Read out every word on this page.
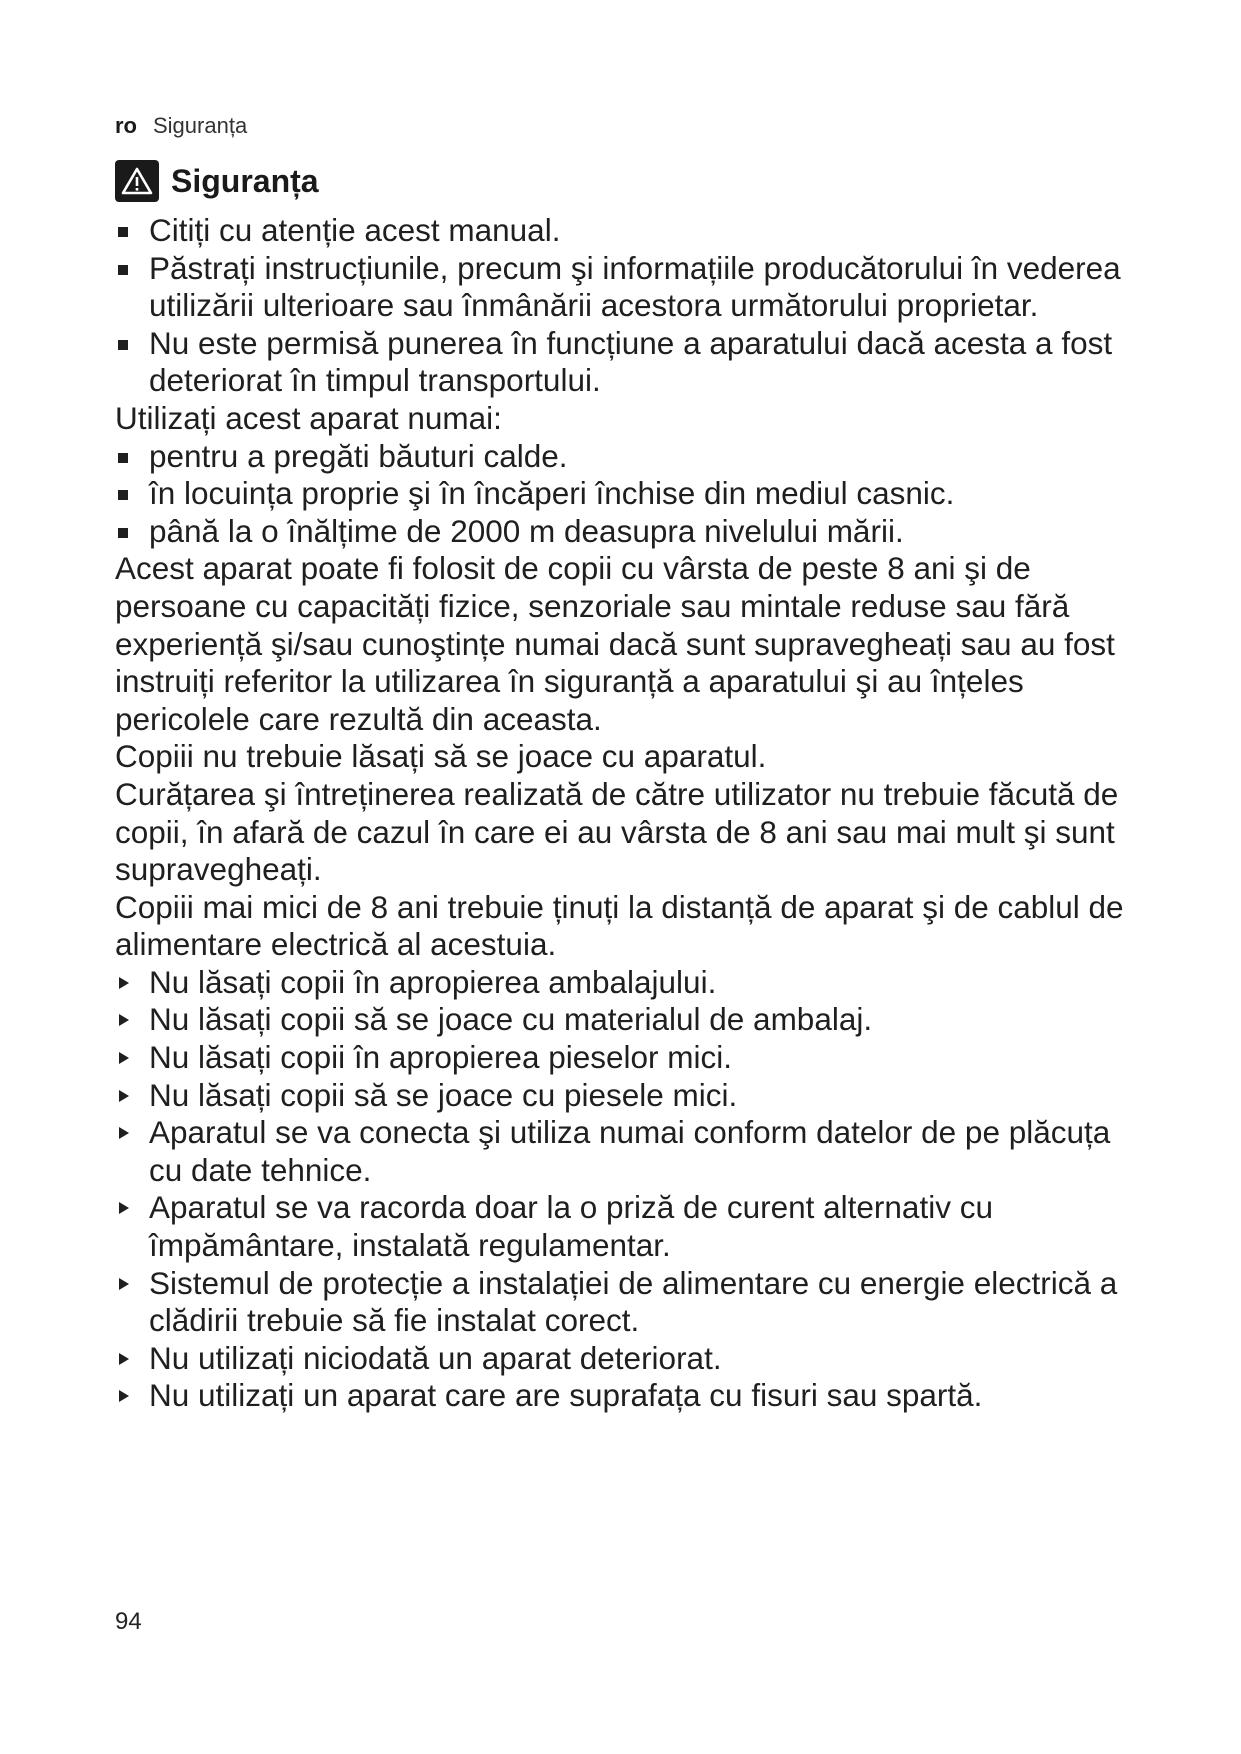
ro Siguranța
Siguranța
Citiți cu atenție acest manual.
Păstrați instrucțiunile, precum şi informațiile producătorului în vederea utilizării ulterioare sau înmânării acestora următorului proprietar.
Nu este permisă punerea în funcțiune a aparatului dacă acesta a fost deteriorat în timpul transportului.

Utilizați acest aparat numai:

pentru a pregăti băuturi calde.
în locuința proprie şi în încăperi închise din mediul casnic.
până la o înălțime de 2000 m deasupra nivelului mării.

Acest aparat poate fi folosit de copii cu vârsta de peste 8 ani şi de persoane cu capacități fizice, senzoriale sau mintale reduse sau fără experiență şi/sau cunoştințe numai dacă sunt supravegheați sau au fost instruiți referitor la utilizarea în siguranță a aparatului şi au înțeles pericolele care rezultă din aceasta.

Copiii nu trebuie lăsați să se joace cu aparatul.

Curățarea şi întreținerea realizată de către utilizator nu trebuie făcută de copii, în afară de cazul în care ei au vârsta de 8 ani sau mai mult şi sunt supravegheați.

Copiii mai mici de 8 ani trebuie ținuți la distanță de aparat şi de cablul de alimentare electrică al acestuia.

Nu lăsați copii în apropierea ambalajului.
Nu lăsați copii să se joace cu materialul de ambalaj.
Nu lăsați copii în apropierea pieselor mici.
Nu lăsați copii să se joace cu piesele mici.
Aparatul se va conecta şi utiliza numai conform datelor de pe plăcuța cu date tehnice.
Aparatul se va racorda doar la o priză de curent alternativ cu împământare, instalată regulamentar.
Sistemul de protecție a instalației de alimentare cu energie electrică a clădirii trebuie să fie instalat corect.
Nu utilizați niciodată un aparat deteriorat.
Nu utilizați un aparat care are suprafața cu fisuri sau spartă.
94
